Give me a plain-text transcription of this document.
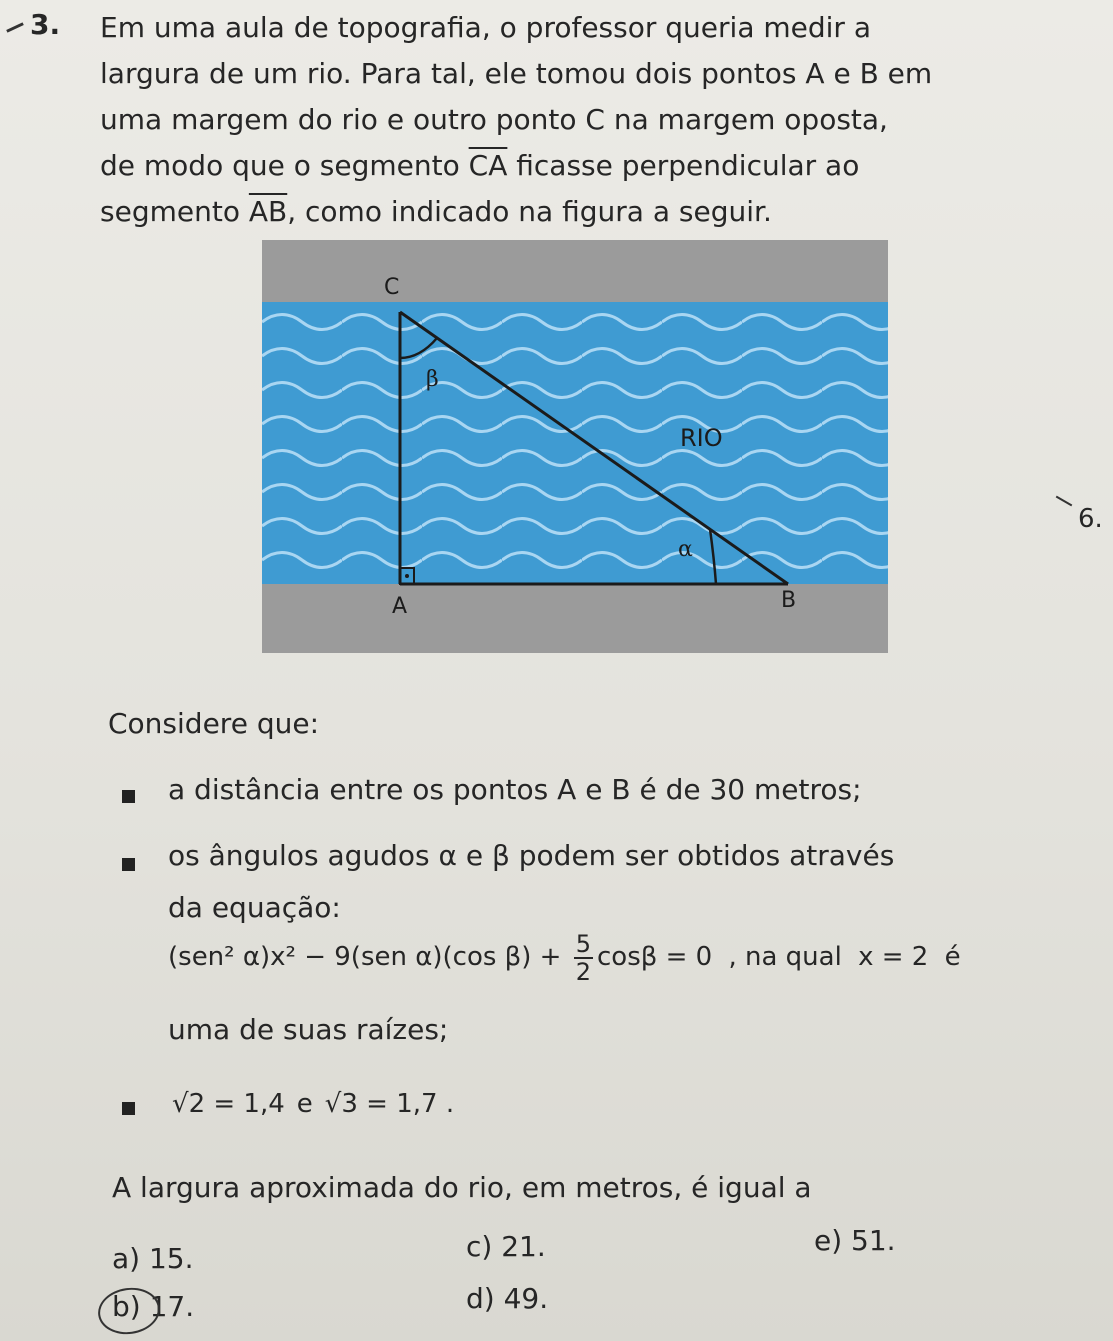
3. Em uma aula de topografia, o professor queria medir a
largura de um rio. Para tal, ele tomou dois pontos A e B em
uma margem do rio e outro ponto C na margem oposta,
de modo que o segmento $\overline{CA}$ ficasse perpendicular ao
segmento $\overline{AB}$, como indicado na figura a seguir.
C
β
RIO
α
A	B
6.
Considere que:
a distância entre os pontos A e B é de 30 metros;
os ângulos agudos α e β podem ser obtidos através
da equação:
(sen² α)x² − 9(sen α)(cos $\beta) + \frac{5}{2}$ cosβ = 0 , na qual x = 2 é
uma de suas raízes;
√2 = 1,4 e √3 = 1,7 .
A largura aproximada do rio, em metros, é igual a
a) 15.
b) 17.
c) 21.
d) 49.
e) 51.
